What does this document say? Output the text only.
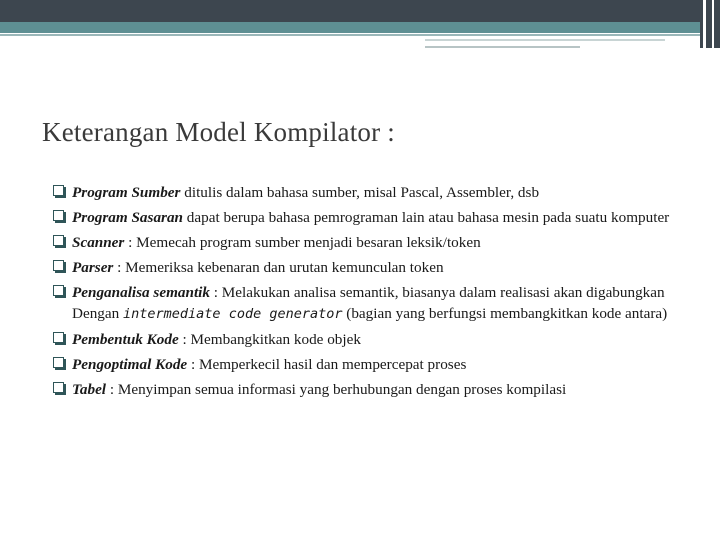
Keterangan Model Kompilator :
Program Sumber ditulis dalam bahasa sumber, misal Pascal, Assembler, dsb
Program Sasaran dapat berupa bahasa pemrograman lain atau bahasa mesin pada suatu komputer
Scanner : Memecah program sumber menjadi besaran leksik/token
Parser : Memeriksa kebenaran dan urutan kemunculan token
Penganalisa semantik : Melakukan analisa semantik, biasanya dalam realisasi akan digabungkan Dengan intermediate code generator (bagian yang berfungsi membangkitkan kode antara)
Pembentuk Kode : Membangkitkan kode objek
Pengoptimal Kode : Memperkecil hasil dan mempercepat proses
Tabel : Menyimpan semua informasi yang berhubungan dengan proses kompilasi
